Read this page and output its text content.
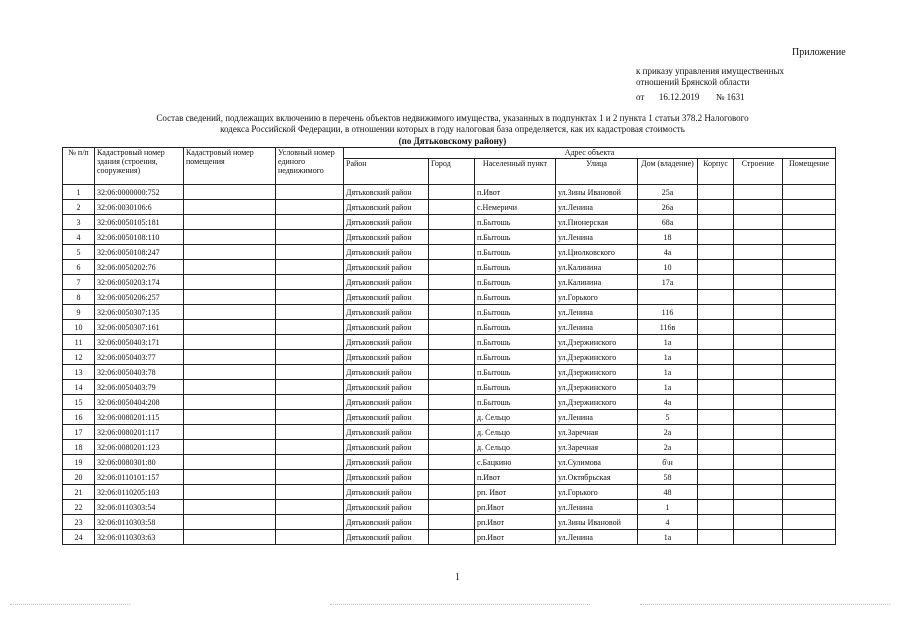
Приложение
к приказу управления имущественных
отношений Брянской области
от 16.12.2019 № 1631
Состав сведений, подлежащих включению в перечень объектов недвижимого имущества, указанных в подпунктах 1 и 2 пункта 1 статьи 378.2 Налогового
кодекса Российской Федерации, в отношении которых в году налоговая база определяется, как их кадастровая стоимость
(по Дятьковскому району)
№ п/п	Кадастровый номер здания (строения, сооружения)	Кадастровый номер помещения	Условный номер единого недвижимого	Адрес объекта							
				Район	Город	Населенный пункт	Улица	Дом (владение)	Корпус	Строение	Помещение
1	32:06:0000000:752			Дятьковский район		п.Ивот	ул.Зины Ивановой	25а			
2	32:06:0030106:6			Дятьковский район		с.Немеричи	ул.Ленина	26а			
3	32:06:0050105:181			Дятьковский район		п.Бытошь	ул.Пионерская	68а			
4	32:06:0050108:110			Дятьковский район		п.Бытошь	ул.Ленина	18			
5	32:06:0050108:247			Дятьковский район		п.Бытошь	ул.Циолковского	4а			
6	32:06:0050202:76			Дятьковский район		п.Бытошь	ул.Калинина	10			
7	32:06:0050203:174			Дятьковский район		п.Бытошь	ул.Калинина	17а			
8	32:06:0050206:257			Дятьковский район		п.Бытошь	ул.Горького				
9	32:06:0050307:135			Дятьковский район		п.Бытошь	ул.Ленина	116			
10	32:06:0050307:161			Дятьковский район		п.Бытошь	ул.Ленина	116в			
11	32:06:0050403:171			Дятьковский район		п.Бытошь	ул.Дзержинского	1а			
12	32:06:0050403:77			Дятьковский район		п.Бытошь	ул.Дзержинского	1а			
13	32:06:0050403:78			Дятьковский район		п.Бытошь	ул.Дзержинского	1а			
14	32:06:0050403:79			Дятьковский район		п.Бытошь	ул.Дзержинского	1а			
15	32:06:0050404:208			Дятьковский район		п.Бытошь	ул.Дзержинского	4а			
16	32:06:0080201:115			Дятьковский район		д. Сельцо	ул.Ленина	5			
17	32:06:0080201:117			Дятьковский район		д. Сельцо	ул.Заречная	2а			
18	32:06:0080201:123			Дятьковский район		д. Сельцо	ул.Заречная	2а			
19	32:06:0080301:80			Дятьковский район		с.Бацкино	ул.Сулимова	б\н			
20	32:06:0110101:157			Дятьковский район		п.Ивот	ул.Октябрьская	58			
21	32:06:0110205:103			Дятьковский район		рп. Ивот	ул.Горького	48			
22	32:06:0110303:54			Дятьковский район		рп.Ивот	ул.Ленина	1			
23	32:06:0110303:58			Дятьковский район		рп.Ивот	ул.Зины Ивановой	4			
24	32:06:0110303:63			Дятьковский район		рп.Ивот	ул.Ленина	1а			
1
